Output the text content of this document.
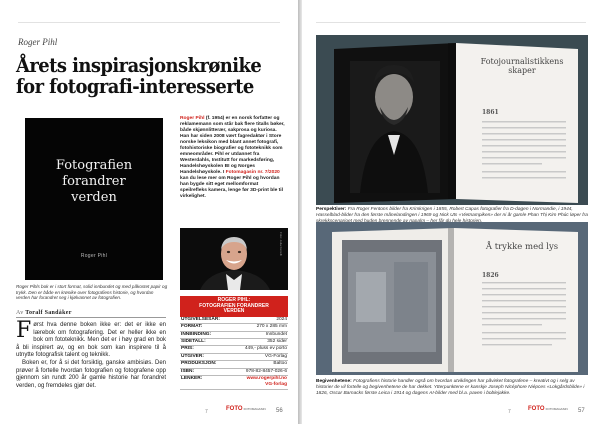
Roger Pihl
Årets inspirasjonskrønike
for fotografi-interesserte
Fotografien
forandrer
verden
Roger Pihl
Roger Pihls bok er i stort format, solid innbundet og med påkostet papir og trykk. Den er både en krønike over fotografiens historie, og hvordan verden har forandret seg i kjølvannet av fotografien.
Av Toralf Sandåker

Først hva denne boken ikke er: det er ikke en lærebok om fotografering. Det er heller ikke en bok om fototeknikk. Men det er i høy grad en bok å bli inspirert av, og en bok som kan inspirere til å utnytte fotografisk talent og teknikk.

Boken er, for å si det forsiktig, ganske ambisiøs. Den prøver å fortelle hvordan fotografien og fotografene opp gjennom sin rundt 200 år gamle historie har forandret verden, og fremdeles gjør det.

Roger Pihl (f. 1954) er en norsk forfatter og reklamemann som står bak flere titalls bøker, både skjønnlitterær, sakprosa og kuriosa. Han har siden 2008 vært fagredaktør i Store norske leksikon med blant annet fotografi, fotohistoriske biografier og fototeknikk som emneområder. Pihl er utdannet fra Westerdahls, Institutt for markedsføring, Handelshøyskolen BI og Norges Handelshøyskole. I Fotomagasin nr. 7/2020 kan du lese mer om Roger Pihl og hvordan han bygde sitt eget mellomformat speilrefleks kamera, lenge før 3D-print ble til virkelighet.
Foto: Julia Ferrelli
ROGER PIHL:
FOTOGRAFIEN FORANDRER
VERDEN
UTGIVELSESÅR:	2024
FORMAT:	270 x 285 mm
INNBINDING:	Innbundet
SIDETALL:	352 sider
PRIS:	449,- pluss ev porto
UTGIVER:	VG-Forlag
PRODUKSJON:	Baltoo
ISBN:	978-82-8457-026-6
LENKER:	www.rogerpihl.no
VG-forlag
7	FOTOFOTOMAGASIN 56
Fotojournalistikkens skaper
1861
Perspektiver: Fra Roger Fentons bilder fra Krimkrigen i 1855, Robert Capas fotografier fra D-dagen i Normandie, i 1944, Hasselblad-bilder fra den første månelandingen i 1969 og Nick Uts «Vietnampiken» der ni år gamle Phan Thị Kim Phúc løper fra
Å trykke med lys
1826
Begivenhetene: Fotografiens historie handler også om hvordan utviklingen har påvirket fotografene – kreativt og i selg av historier de vil fortelle og begivenhetene de har dekket. Ytterpunktene er kanskje Joseph Nicéphore Niépces «Lokgårdsbilde» i 1826, Oscar Barnacks første Leica i 1914 og dagens AI-bilder med bl.a. paven i boblejakke.
7	FOTOFOTOMAGASIN 57
